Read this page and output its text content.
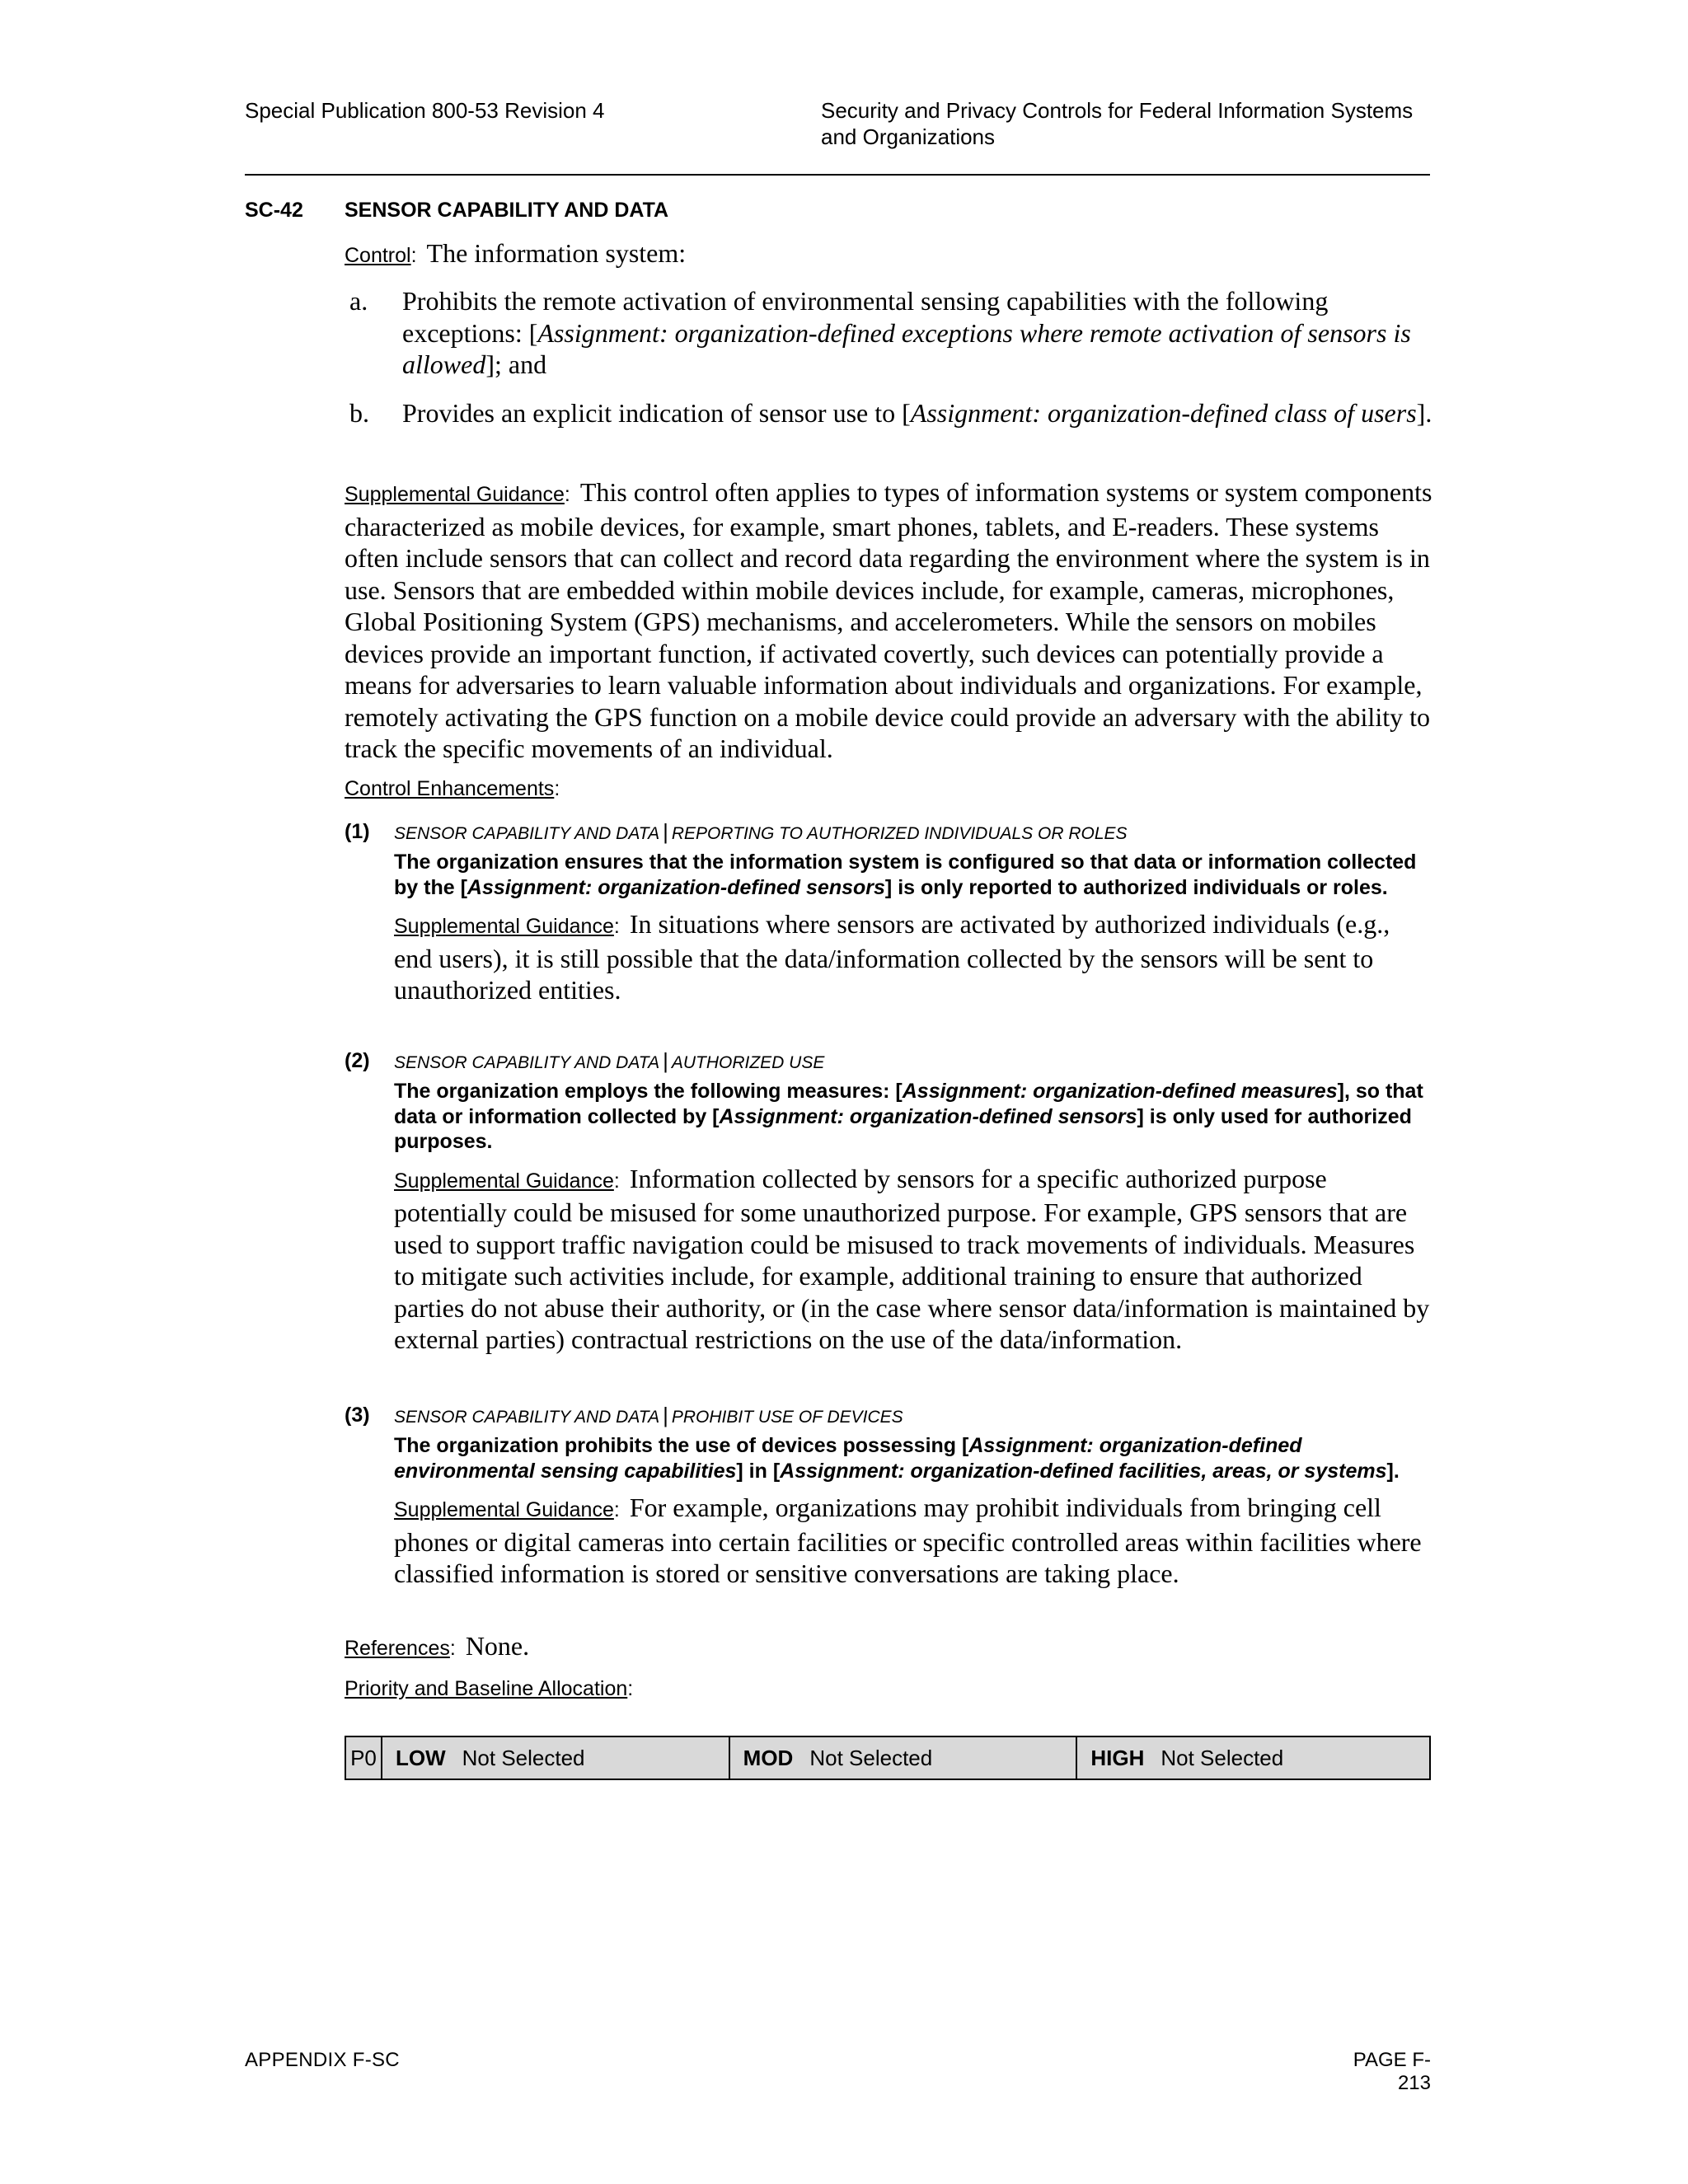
Special Publication 800-53 Revision 4	Security and Privacy Controls for Federal Information Systems
and Organizations
SC-42 SENSOR CAPABILITY AND DATA
Control: The information system:
a. Prohibits the remote activation of environmental sensing capabilities with the following exceptions: [Assignment: organization-defined exceptions where remote activation of sensors is allowed]; and
b. Provides an explicit indication of sensor use to [Assignment: organization-defined class of users].
Supplemental Guidance: This control often applies to types of information systems or system components characterized as mobile devices, for example, smart phones, tablets, and E-readers. These systems often include sensors that can collect and record data regarding the environment where the system is in use. Sensors that are embedded within mobile devices include, for example, cameras, microphones, Global Positioning System (GPS) mechanisms, and accelerometers. While the sensors on mobiles devices provide an important function, if activated covertly, such devices can potentially provide a means for adversaries to learn valuable information about individuals and organizations. For example, remotely activating the GPS function on a mobile device could provide an adversary with the ability to track the specific movements of an individual.
Control Enhancements:
(1) SENSOR CAPABILITY AND DATA | REPORTING TO AUTHORIZED INDIVIDUALS OR ROLES
The organization ensures that the information system is configured so that data or information collected by the [Assignment: organization-defined sensors] is only reported to authorized individuals or roles.
Supplemental Guidance: In situations where sensors are activated by authorized individuals (e.g., end users), it is still possible that the data/information collected by the sensors will be sent to unauthorized entities.
(2) SENSOR CAPABILITY AND DATA | AUTHORIZED USE
The organization employs the following measures: [Assignment: organization-defined measures], so that data or information collected by [Assignment: organization-defined sensors] is only used for authorized purposes.
Supplemental Guidance: Information collected by sensors for a specific authorized purpose potentially could be misused for some unauthorized purpose. For example, GPS sensors that are used to support traffic navigation could be misused to track movements of individuals. Measures to mitigate such activities include, for example, additional training to ensure that authorized parties do not abuse their authority, or (in the case where sensor data/information is maintained by external parties) contractual restrictions on the use of the data/information.
(3) SENSOR CAPABILITY AND DATA | PROHIBIT USE OF DEVICES
The organization prohibits the use of devices possessing [Assignment: organization-defined environmental sensing capabilities] in [Assignment: organization-defined facilities, areas, or systems].
Supplemental Guidance: For example, organizations may prohibit individuals from bringing cell phones or digital cameras into certain facilities or specific controlled areas within facilities where classified information is stored or sensitive conversations are taking place.
References: None.
Priority and Baseline Allocation:
P0	LOW Not Selected	MOD Not Selected	HIGH Not Selected
APPENDIX F-SC	PAGE F-213
